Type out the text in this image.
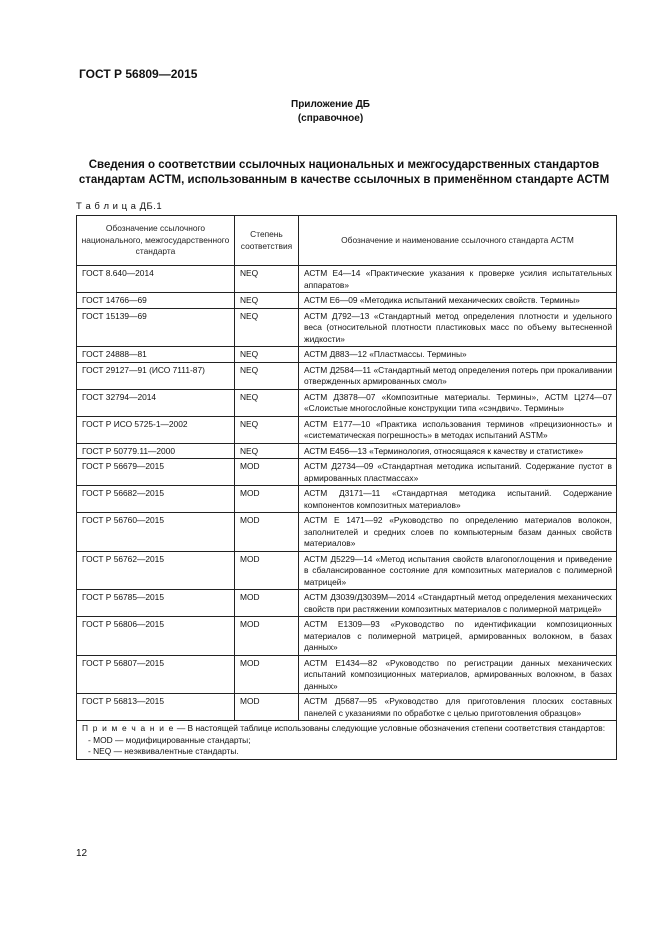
ГОСТ Р 56809—2015
Приложение ДБ
(справочное)
Сведения о соответствии ссылочных национальных и межгосударственных стандартов
стандартам АСТМ, использованным в качестве ссылочных в применённом стандарте АСТМ
Т а б л и ц а ДБ.1
Обозначение ссылочного национального, межгосударственного стандарта	Степень соответствия	Обозначение и наименование ссылочного стандарта АСТМ
ГОСТ 8.640—2014	NEQ	АСТМ Е4—14 «Практические указания к проверке усилия испытательных аппаратов»
ГОСТ 14766—69	NEQ	АСТМ Е6—09 «Методика испытаний механических свойств. Термины»
ГОСТ 15139—69	NEQ	АСТМ Д792—13 «Стандартный метод определения плотности и удельного веса (относительной плотности пластиковых масс по объему вытесненной жидкости»
ГОСТ 24888—81	NEQ	АСТМ Д883—12 «Пластмассы. Термины»
ГОСТ 29127—91 (ИСО 7111-87)	NEQ	АСТМ Д2584—11 «Стандартный метод определения потерь при прокаливании отвержденных армированных смол»
ГОСТ 32794—2014	NEQ	АСТМ Д3878—07 «Композитные материалы. Термины», АСТМ Ц274—07 «Слоистые многослойные конструкции типа «сэндвич». Термины»
ГОСТ Р ИСО 5725-1—2002	NEQ	АСТМ Е177—10 «Практика использования терминов «прецизионность» и «систематическая погрешность» в методах испытаний ASTM»
ГОСТ Р 50779.11—2000	NEQ	АСТМ Е456—13 «Терминология, относящаяся к качеству и статистике»
ГОСТ Р 56679—2015	MOD	АСТМ Д2734—09 «Стандартная методика испытаний. Содержание пустот в армированных пластмассах»
ГОСТ Р 56682—2015	MOD	АСТМ Д3171—11 «Стандартная методика испытаний. Содержание компонентов композитных материалов»
ГОСТ Р 56760—2015	MOD	АСТМ Е 1471—92 «Руководство по определению материалов волокон, заполнителей и средних слоев по компьютерным базам данных свойств материалов»
ГОСТ Р 56762—2015	MOD	АСТМ Д5229—14 «Метод испытания свойств влагопоглощения и приведение в сбалансированное состояние для композитных материалов с полимерной матрицей»
ГОСТ Р 56785—2015	MOD	АСТМ Д3039/Д3039М—2014 «Стандартный метод определения механических свойств при растяжении композитных материалов с полимерной матрицей»
ГОСТ Р 56806—2015	MOD	АСТМ Е1309—93 «Руководство по идентификации композиционных материалов с полимерной матрицей, армированных волокном, в базах данных»
ГОСТ Р 56807—2015	MOD	АСТМ Е1434—82 «Руководство по регистрации данных механических испытаний композиционных материалов, армированных волокном, в базах данных»
ГОСТ Р 56813—2015	MOD	АСТМ Д5687—95 «Руководство для приготовления плоских составных панелей с указаниями по обработке с целью приготовления образцов»

П р и м е ч а н и е — В настоящей таблице использованы следующие условные обозначения степени соответствия стандартов:
- MOD — модифицированные стандарты;
- NEQ — неэквивалентные стандарты.		
12
